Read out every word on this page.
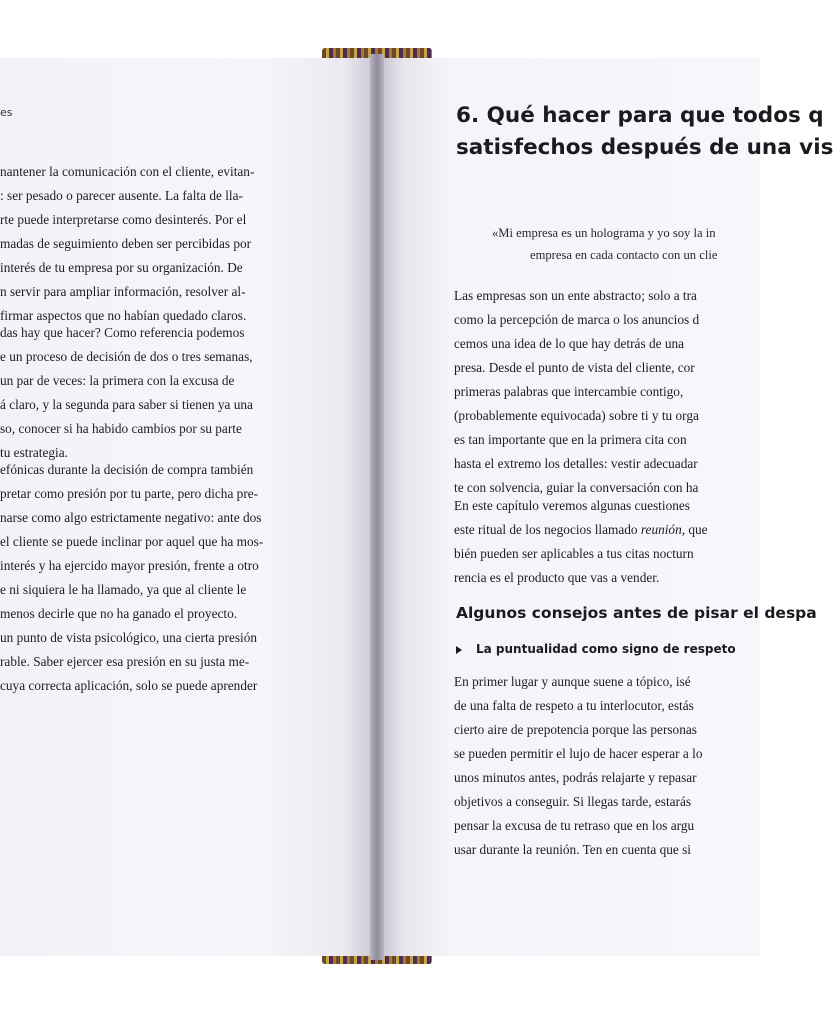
es
nantener la comunicación con el cliente, evitan-
: ser pesado o parecer ausente. La falta de lla-
rte puede interpretarse como desinterés. Por el
madas de seguimiento deben ser percibidas por
interés de tu empresa por su organización. De
n servir para ampliar información, resolver al-
firmar aspectos que no habían quedado claros.
das hay que hacer? Como referencia podemos
e un proceso de decisión de dos o tres semanas,
un par de veces: la primera con la excusa de
á claro, y la segunda para saber si tienen ya una
so, conocer si ha habido cambios por su parte
tu estrategia.
efónicas durante la decisión de compra también
pretar como presión por tu parte, pero dicha pre-
narse como algo estrictamente negativo: ante dos
el cliente se puede inclinar por aquel que ha mos-
interés y ha ejercido mayor presión, frente a otro
e ni siquiera le ha llamado, ya que al cliente le
menos decirle que no ha ganado el proyecto.
un punto de vista psicológico, una cierta presión
rable. Saber ejercer esa presión en su justa me-
cuya correcta aplicación, solo se puede aprender
6. Qué hacer para que todos q
satisfechos después de una vis
«Mi empresa es un holograma y yo soy la in
empresa en cada contacto con un clie
Las empresas son un ente abstracto; solo a tra
como la percepción de marca o los anuncios d
cemos una idea de lo que hay detrás de una
presa. Desde el punto de vista del cliente, cor
primeras palabras que intercambie contigo,
(probablemente equivocada) sobre ti y tu orga
es tan importante que en la primera cita con
hasta el extremo los detalles: vestir adecuadar
te con solvencia, guiar la conversación con ha
En este capítulo veremos algunas cuestiones
este ritual de los negocios llamado reunión, que
bién pueden ser aplicables a tus citas nocturn
rencia es el producto que vas a vender.
Algunos consejos antes de pisar el despa
La puntualidad como signo de respeto
En primer lugar y aunque suene a tópico, isé
de una falta de respeto a tu interlocutor, estás
cierto aire de prepotencia porque las personas
se pueden permitir el lujo de hacer esperar a lo
unos minutos antes, podrás relajarte y repasar
objetivos a conseguir. Si llegas tarde, estarás
pensar la excusa de tu retraso que en los argu
usar durante la reunión. Ten en cuenta que si
